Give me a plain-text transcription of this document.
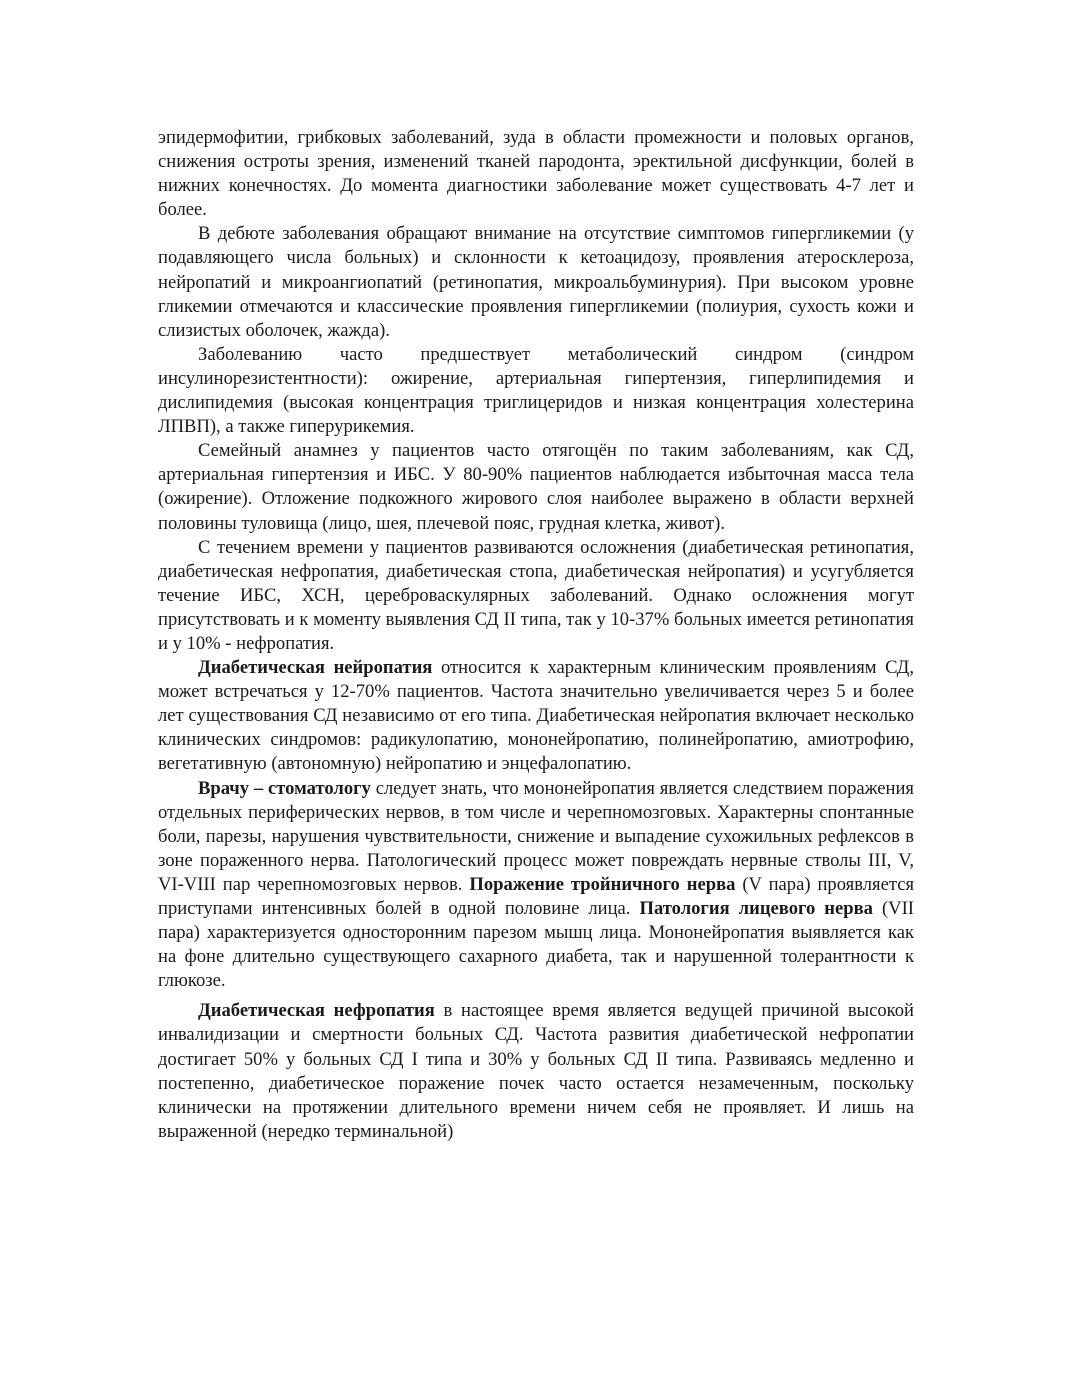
эпидермофитии, грибковых заболеваний, зуда в области промежности и половых органов, снижения остроты зрения, изменений тканей пародонта, эректильной дисфункции, болей в нижних конечностях. До момента диагностики заболевание может существовать 4-7 лет и более.

В дебюте заболевания обращают внимание на отсутствие симптомов гипергликемии (у подавляющего числа больных) и склонности к кетоацидозу, проявления атеросклероза, нейропатий и микроангиопатий (ретинопатия, микроальбуминурия). При высоком уровне гликемии отмечаются и классические проявления гипергликемии (полиурия, сухость кожи и слизистых оболочек, жажда).

Заболеванию часто предшествует метаболический синдром (синдром инсулинорезистентности): ожирение, артериальная гипертензия, гиперлипидемия и дислипидемия (высокая концентрация триглицеридов и низкая концентрация холестерина ЛПВП), а также гиперурикемия.

Семейный анамнез у пациентов часто отягощён по таким заболеваниям, как СД, артериальная гипертензия и ИБС. У 80-90% пациентов наблюдается избыточная масса тела (ожирение). Отложение подкожного жирового слоя наиболее выражено в области верхней половины туловища (лицо, шея, плечевой пояс, грудная клетка, живот).

С течением времени у пациентов развиваются осложнения (диабетическая ретинопатия, диабетическая нефропатия, диабетическая стопа, диабетическая нейропатия) и усугубляется течение ИБС, ХСН, цереброваскулярных заболеваний. Однако осложнения могут присутствовать и к моменту выявления СД II типа, так у 10-37% больных имеется ретинопатия и у 10% - нефропатия.

Диабетическая нейропатия относится к характерным клиническим проявлениям СД, может встречаться у 12-70% пациентов. Частота значительно увеличивается через 5 и более лет существования СД независимо от его типа. Диабетическая нейропатия включает несколько клинических синдромов: радикулопатию, мононейропатию, полинейропатию, амиотрофию, вегетативную (автономную) нейропатию и энцефалопатию.

Врачу – стоматологу следует знать, что мононейропатия является следствием поражения отдельных периферических нервов, в том числе и черепномозговых. Характерны спонтанные боли, парезы, нарушения чувствительности, снижение и выпадение сухожильных рефлексов в зоне пораженного нерва. Патологический процесс может повреждать нервные стволы III, V, VI-VIII пар черепномозговых нервов. Поражение тройничного нерва (V пара) проявляется приступами интенсивных болей в одной половине лица. Патология лицевого нерва (VII пара) характеризуется односторонним парезом мышц лица. Мононейропатия выявляется как на фоне длительно существующего сахарного диабета, так и нарушенной толерантности к глюкозе.

Диабетическая нефропатия в настоящее время является ведущей причиной высокой инвалидизации и смертности больных СД. Частота развития диабетической нефропатии достигает 50% у больных СД I типа и 30% у больных СД II типа. Развиваясь медленно и постепенно, диабетическое поражение почек часто остается незамеченным, поскольку клинически на протяжении длительного времени ничем себя не проявляет. И лишь на выраженной (нередко терминальной)
